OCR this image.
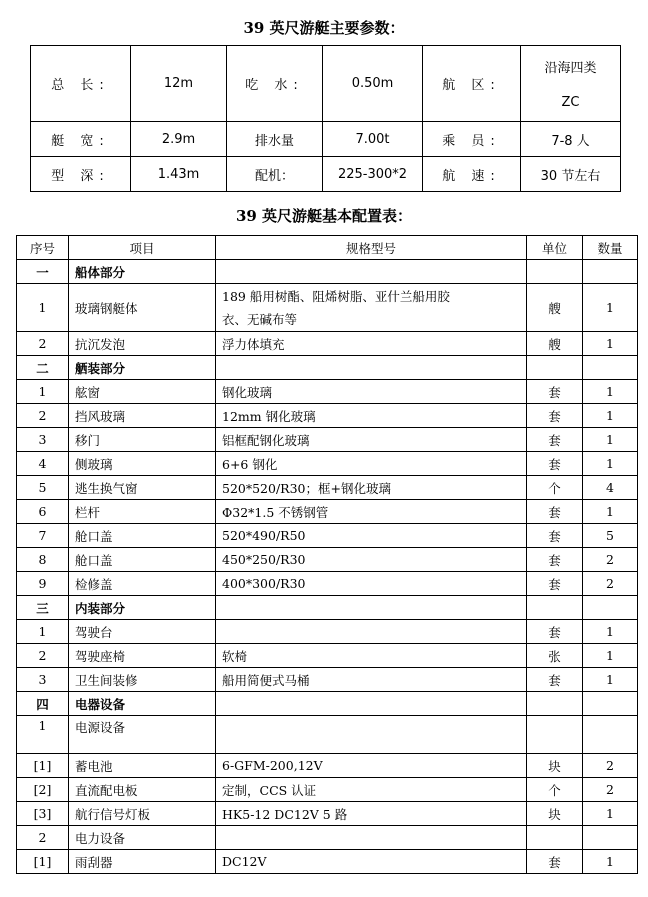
39 英尺游艇主要参数：
总 长:	12m	吃 水:	0.50m	航 区:	沿海四类
ZC

艇 宽:	2.9m	排水量	7.00t	乘 员:	7-8 人
型 深:	1.43m	配机：	225-300*2	航 速:	30 节左右
39 英尺游艇基本配置表：
序号	项目	规格型号	单位	数量
一	船体部分			
1	玻璃钢艇体	189 船用树酯、阻烯树脂、亚什兰船用胶
衣、无碱布等	艘	1
2	抗沉发泡	浮力体填充	艘	1
二	舾装部分			
1	舷窗	钢化玻璃	套	1
2	挡风玻璃	12mm 钢化玻璃	套	1
3	移门	铝框配钢化玻璃	套	1
4	侧玻璃	6+6 钢化	套	1
5	逃生换气窗	520*520/R30；框+钢化玻璃	个	4
6	栏杆	Φ32*1.5 不锈钢管	套	1
7	舱口盖	520*490/R50	套	5
8	舱口盖	450*250/R30	套	2
9	检修盖	400*300/R30	套	2
三	内装部分			
1	驾驶台		套	1
2	驾驶座椅	软椅	张	1
3	卫生间装修	船用简便式马桶	套	1
四	电器设备			
1	电源设备			
[1]	蓄电池	6-GFM-200,12V	块	2
[2]	直流配电板	定制，CCS 认证	个	2
[3]	航行信号灯板	HK5-12 DC12V 5 路	块	1
2	电力设备			
[1]	雨刮器	DC12V	套	1
